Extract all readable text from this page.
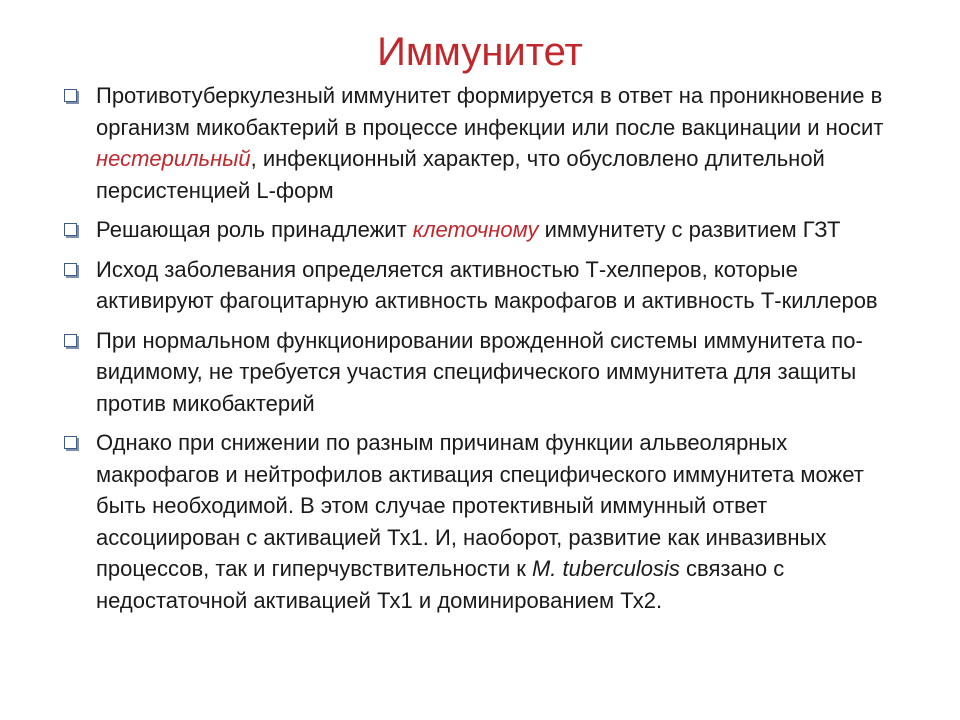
Иммунитет
Противотуберкулезный иммунитет формируется в ответ на проникновение в организм микобактерий в процессе инфекции или после вакцинации и носит нестерильный, инфекционный характер, что обусловлено длительной персистенцией L-форм
Решающая роль принадлежит клеточному иммунитету с развитием ГЗТ
Исход заболевания определяется активностью Т-хелперов, которые активируют фагоцитарную активность макрофагов и активность Т-киллеров
При нормальном функционировании врожденной системы иммунитета по-видимому, не требуется участия специфического иммунитета для защиты против микобактерий
Однако при снижении по разным причинам функции альвеолярных макрофагов и нейтрофилов активация специфического иммунитета может быть необходимой. В этом случае протективный иммунный ответ ассоциирован с активацией Тх1. И, наоборот, развитие как инвазивных процессов, так и гиперчувствительности к M. tuberculosis связано с недостаточной активацией Тх1 и доминированием Тх2.
